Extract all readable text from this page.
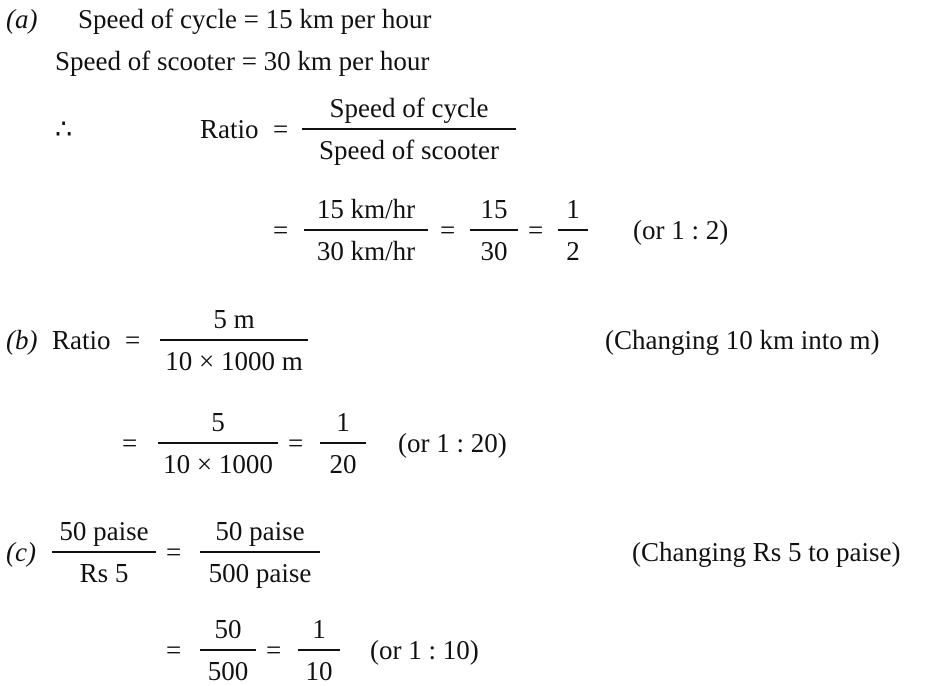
(a) Speed of cycle = 15 km per hour
Speed of scooter = 30 km per hour
∴	Ratio =
Speed of cycle
Speed of scooter
=
15 km/hr
30 km/hr
=
15
30
=
1
2
(or 1 : 2)
(b) Ratio =
5 m
10 × 1000 m
(Changing 10 km into m)
=
5
10 × 1000
=
1
20
(or 1 : 20)
(c)
50 paise
Rs 5
=
50 paise
500 paise
(Changing Rs 5 to paise)
=
50
500
=
1
10
(or 1 : 10)
